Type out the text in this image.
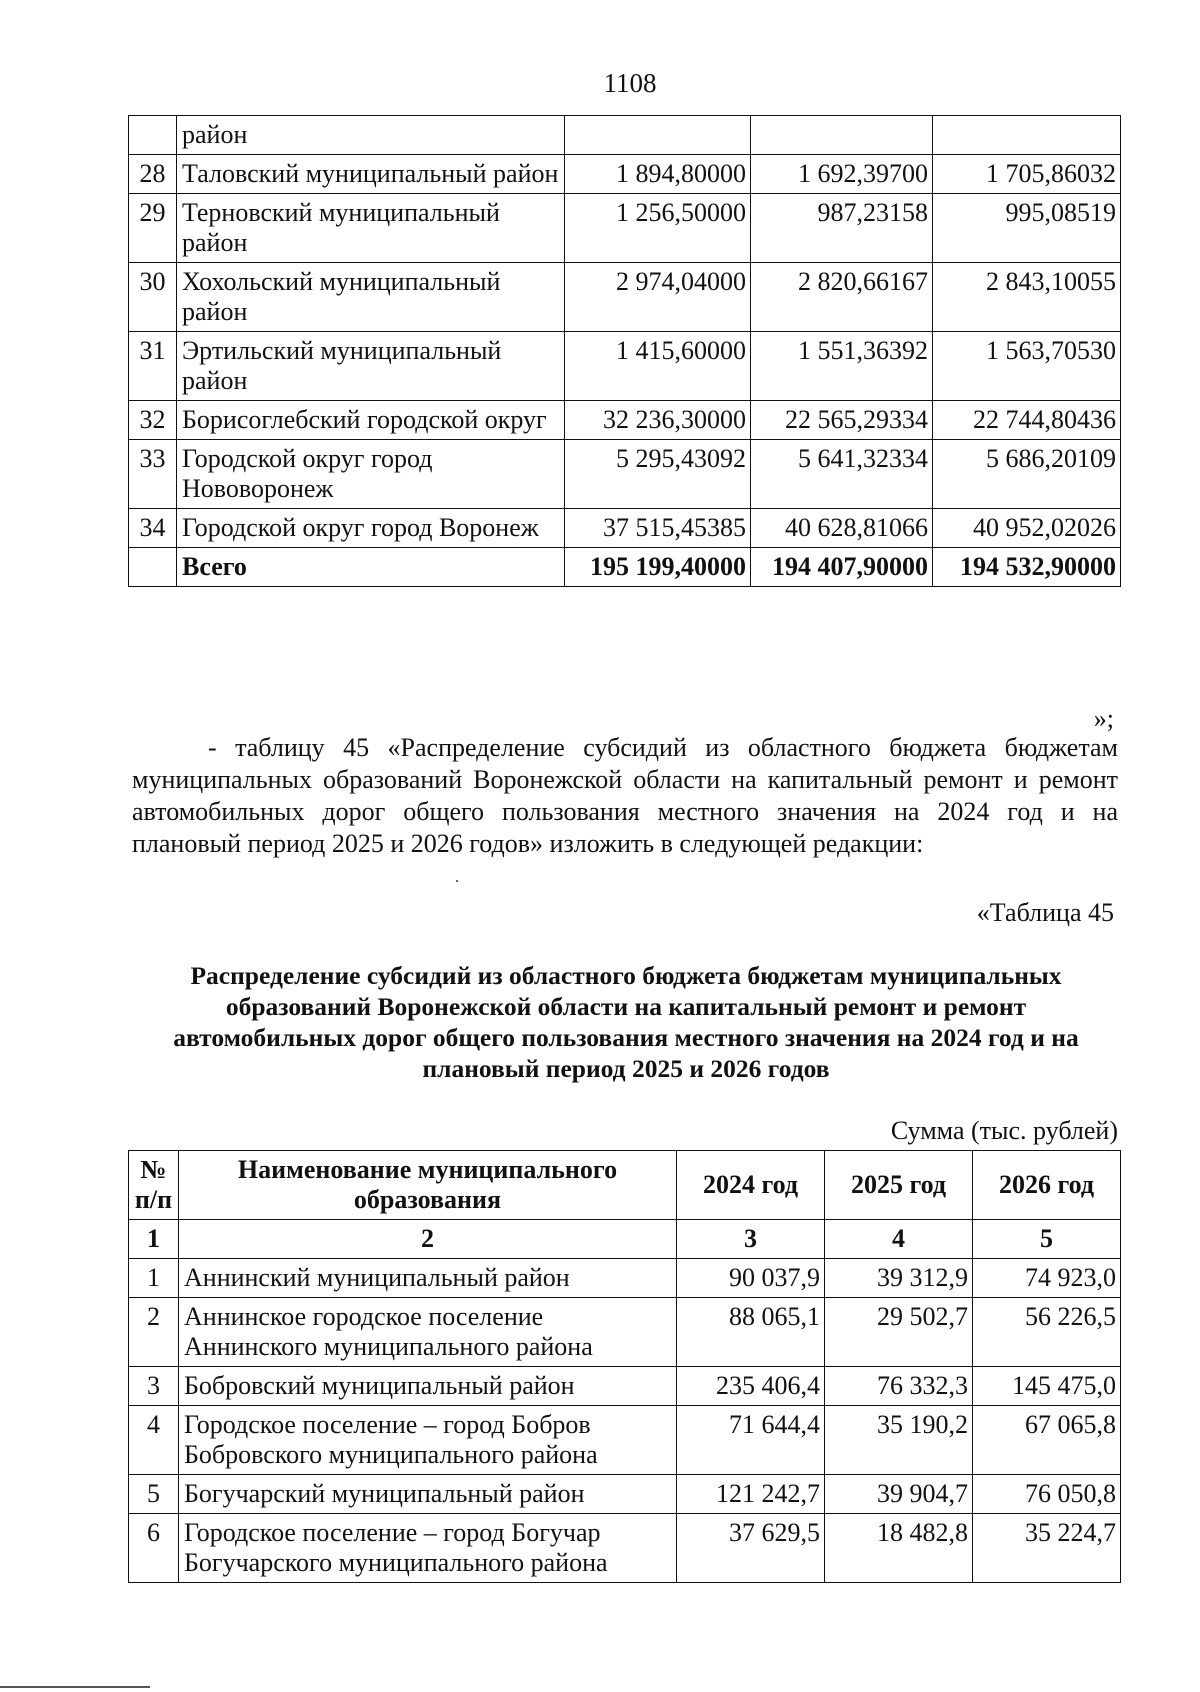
1108
	район			
28	Таловский муниципальный район	1 894,80000	1 692,39700	1 705,86032
29	Терновский муниципальный район	1 256,50000	987,23158	995,08519
30	Хохольский муниципальный район	2 974,04000	2 820,66167	2 843,10055
31	Эртильский муниципальный район	1 415,60000	1 551,36392	1 563,70530
32	Борисоглебский городской округ	32 236,30000	22 565,29334	22 744,80436
33	Городской округ город Нововоронеж	5 295,43092	5 641,32334	5 686,20109
34	Городской округ город Воронеж	37 515,45385	40 628,81066	40 952,02026
	Всего	195 199,40000	194 407,90000	194 532,90000
»;
- таблицу 45 «Распределение субсидий из областного бюджета бюджетам муниципальных образований Воронежской области на капитальный ремонт и ремонт автомобильных дорог общего пользования местного значения на 2024 год и на плановый период 2025 и 2026 годов» изложить в следующей редакции:
«Таблица 45
Распределение субсидий из областного бюджета бюджетам муниципальных образований Воронежской области на капитальный ремонт и ремонт автомобильных дорог общего пользования местного значения на 2024 год и на плановый период 2025 и 2026 годов
Сумма (тыс. рублей)
№ п/п	Наименование муниципального образования	2024 год	2025 год	2026 год
1	2	3	4	5
1	Аннинский муниципальный район	90 037,9	39 312,9	74 923,0
2	Аннинское городское поселение Аннинского муниципального района	88 065,1	29 502,7	56 226,5
3	Бобровский муниципальный район	235 406,4	76 332,3	145 475,0
4	Городское поселение – город Бобров Бобровского муниципального района	71 644,4	35 190,2	67 065,8
5	Богучарский муниципальный район	121 242,7	39 904,7	76 050,8
6	Городское поселение – город Богучар Богучарского муниципального района	37 629,5	18 482,8	35 224,7
